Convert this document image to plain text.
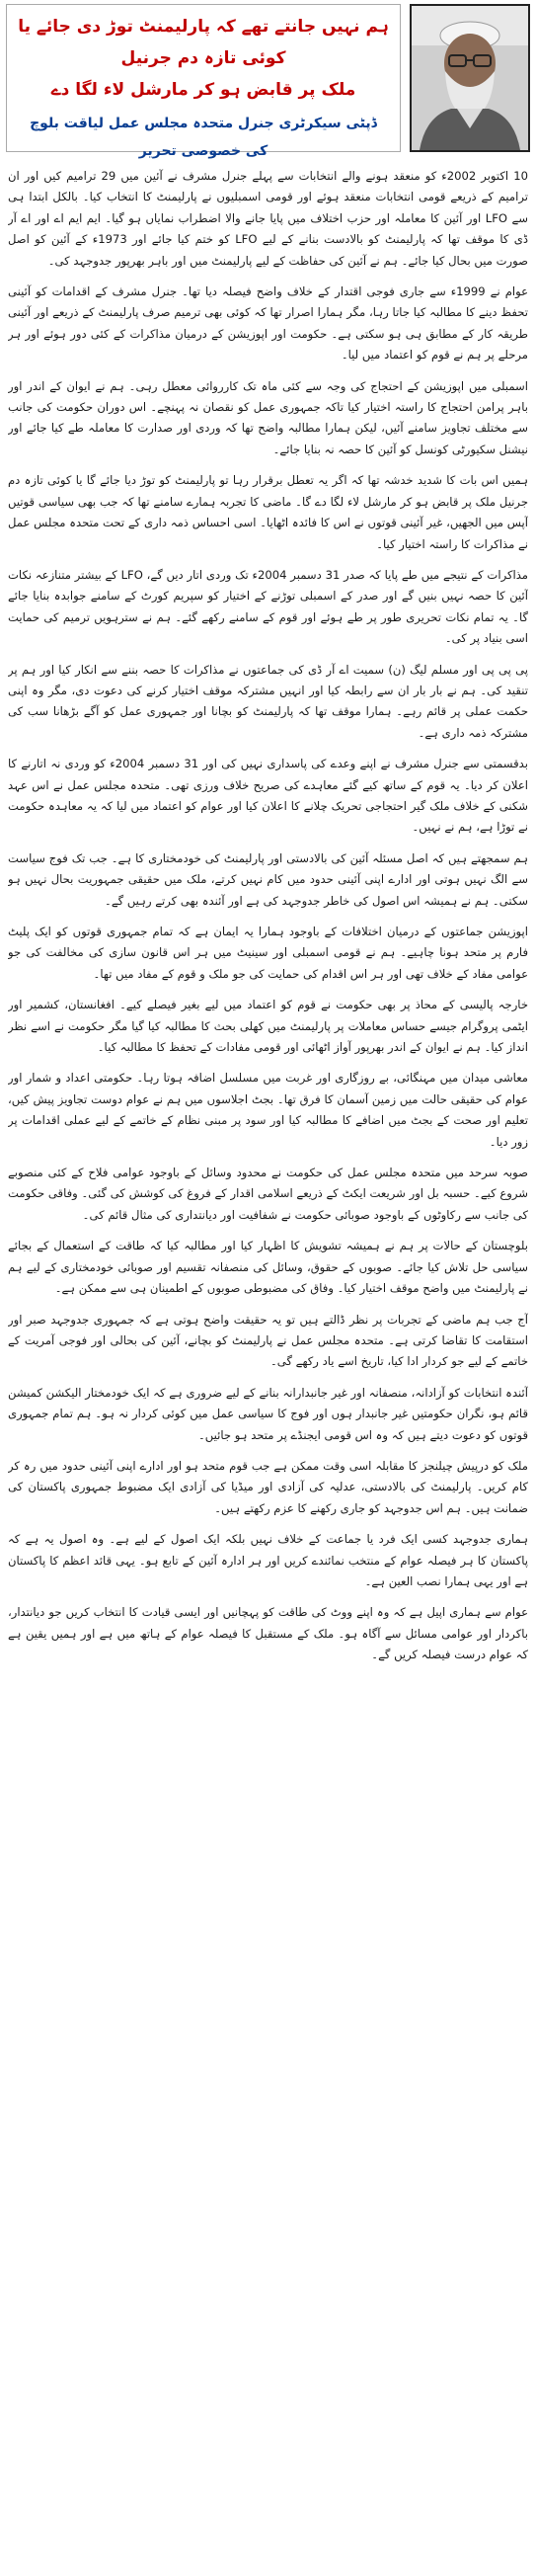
ہم نہیں جانتے تھے کہ پارلیمنٹ توڑ دی جائے یا کوئی تازہ دم جرنیل
ملک پر قابض ہو کر مارشل لاء لگا دے
ڈپٹی سیکرٹری جنرل متحدہ مجلس عمل لیاقت بلوچ کی خصوصی تحریر

10 اکتوبر 2002ء کو منعقد ہونے والے انتخابات سے پہلے جنرل مشرف نے آئین میں 29 ترامیم کیں اور ان ترامیم کے ذریعے قومی انتخابات منعقد ہوئے اور قومی اسمبلیوں نے پارلیمنٹ کا انتخاب کیا۔ بالکل ابتدا ہی سے LFO اور آئین کا معاملہ اور حزب اختلاف میں پایا جانے والا اضطراب نمایاں ہو گیا۔ ایم ایم اے اور اے آر ڈی کا موقف تھا کہ پارلیمنٹ کو بالادست بنانے کے لیے LFO کو ختم کیا جائے اور 1973ء کے آئین کو اصل صورت میں بحال کیا جائے۔ ہم نے آئین کی حفاظت کے لیے پارلیمنٹ میں اور باہر بھرپور جدوجہد کی۔

عوام نے 1999ء سے جاری فوجی اقتدار کے خلاف واضح فیصلہ دیا تھا۔ جنرل مشرف کے اقدامات کو آئینی تحفظ دینے کا مطالبہ کیا جاتا رہا، مگر ہمارا اصرار تھا کہ کوئی بھی ترمیم صرف پارلیمنٹ کے ذریعے اور آئینی طریقہ کار کے مطابق ہی ہو سکتی ہے۔ حکومت اور اپوزیشن کے درمیان مذاکرات کے کئی دور ہوئے اور ہر مرحلے پر ہم نے قوم کو اعتماد میں لیا۔

اسمبلی میں اپوزیشن کے احتجاج کی وجہ سے کئی ماہ تک کارروائی معطل رہی۔ ہم نے ایوان کے اندر اور باہر پرامن احتجاج کا راستہ اختیار کیا تاکہ جمہوری عمل کو نقصان نہ پہنچے۔ اس دوران حکومت کی جانب سے مختلف تجاویز سامنے آئیں، لیکن ہمارا مطالبہ واضح تھا کہ وردی اور صدارت کا معاملہ طے کیا جائے اور نیشنل سکیورٹی کونسل کو آئین کا حصہ نہ بنایا جائے۔

ہمیں اس بات کا شدید خدشہ تھا کہ اگر یہ تعطل برقرار رہا تو پارلیمنٹ کو توڑ دیا جائے گا یا کوئی تازہ دم جرنیل ملک پر قابض ہو کر مارشل لاء لگا دے گا۔ ماضی کا تجربہ ہمارے سامنے تھا کہ جب بھی سیاسی قوتیں آپس میں الجھیں، غیر آئینی قوتوں نے اس کا فائدہ اٹھایا۔ اسی احساس ذمہ داری کے تحت متحدہ مجلس عمل نے مذاکرات کا راستہ اختیار کیا۔

مذاکرات کے نتیجے میں طے پایا کہ صدر 31 دسمبر 2004ء تک وردی اتار دیں گے، LFO کے بیشتر متنازعہ نکات آئین کا حصہ نہیں بنیں گے اور صدر کے اسمبلی توڑنے کے اختیار کو سپریم کورٹ کے سامنے جوابدہ بنایا جائے گا۔ یہ تمام نکات تحریری طور پر طے ہوئے اور قوم کے سامنے رکھے گئے۔ ہم نے سترہویں ترمیم کی حمایت اسی بنیاد پر کی۔

پی پی پی اور مسلم لیگ (ن) سمیت اے آر ڈی کی جماعتوں نے مذاکرات کا حصہ بننے سے انکار کیا اور ہم پر تنقید کی۔ ہم نے بار بار ان سے رابطہ کیا اور انہیں مشترکہ موقف اختیار کرنے کی دعوت دی، مگر وہ اپنی حکمت عملی پر قائم رہے۔ ہمارا موقف تھا کہ پارلیمنٹ کو بچانا اور جمہوری عمل کو آگے بڑھانا سب کی مشترکہ ذمہ داری ہے۔

بدقسمتی سے جنرل مشرف نے اپنے وعدے کی پاسداری نہیں کی اور 31 دسمبر 2004ء کو وردی نہ اتارنے کا اعلان کر دیا۔ یہ قوم کے ساتھ کیے گئے معاہدے کی صریح خلاف ورزی تھی۔ متحدہ مجلس عمل نے اس عہد شکنی کے خلاف ملک گیر احتجاجی تحریک چلانے کا اعلان کیا اور عوام کو اعتماد میں لیا کہ یہ معاہدہ حکومت نے توڑا ہے، ہم نے نہیں۔

ہم سمجھتے ہیں کہ اصل مسئلہ آئین کی بالادستی اور پارلیمنٹ کی خودمختاری کا ہے۔ جب تک فوج سیاست سے الگ نہیں ہوتی اور ادارے اپنی آئینی حدود میں کام نہیں کرتے، ملک میں حقیقی جمہوریت بحال نہیں ہو سکتی۔ ہم نے ہمیشہ اس اصول کی خاطر جدوجہد کی ہے اور آئندہ بھی کرتے رہیں گے۔

اپوزیشن جماعتوں کے درمیان اختلافات کے باوجود ہمارا یہ ایمان ہے کہ تمام جمہوری قوتوں کو ایک پلیٹ فارم پر متحد ہونا چاہیے۔ ہم نے قومی اسمبلی اور سینیٹ میں ہر اس قانون سازی کی مخالفت کی جو عوامی مفاد کے خلاف تھی اور ہر اس اقدام کی حمایت کی جو ملک و قوم کے مفاد میں تھا۔

خارجہ پالیسی کے محاذ پر بھی حکومت نے قوم کو اعتماد میں لیے بغیر فیصلے کیے۔ افغانستان، کشمیر اور ایٹمی پروگرام جیسے حساس معاملات پر پارلیمنٹ میں کھلی بحث کا مطالبہ کیا گیا مگر حکومت نے اسے نظر انداز کیا۔ ہم نے ایوان کے اندر بھرپور آواز اٹھائی اور قومی مفادات کے تحفظ کا مطالبہ کیا۔

معاشی میدان میں مہنگائی، بے روزگاری اور غربت میں مسلسل اضافہ ہوتا رہا۔ حکومتی اعداد و شمار اور عوام کی حقیقی حالت میں زمین آسمان کا فرق تھا۔ بجٹ اجلاسوں میں ہم نے عوام دوست تجاویز پیش کیں، تعلیم اور صحت کے بجٹ میں اضافے کا مطالبہ کیا اور سود پر مبنی نظام کے خاتمے کے لیے عملی اقدامات پر زور دیا۔

صوبہ سرحد میں متحدہ مجلس عمل کی حکومت نے محدود وسائل کے باوجود عوامی فلاح کے کئی منصوبے شروع کیے۔ حسبہ بل اور شریعت ایکٹ کے ذریعے اسلامی اقدار کے فروغ کی کوشش کی گئی۔ وفاقی حکومت کی جانب سے رکاوٹوں کے باوجود صوبائی حکومت نے شفافیت اور دیانتداری کی مثال قائم کی۔

بلوچستان کے حالات پر ہم نے ہمیشہ تشویش کا اظہار کیا اور مطالبہ کیا کہ طاقت کے استعمال کے بجائے سیاسی حل تلاش کیا جائے۔ صوبوں کے حقوق، وسائل کی منصفانہ تقسیم اور صوبائی خودمختاری کے لیے ہم نے پارلیمنٹ میں واضح موقف اختیار کیا۔ وفاق کی مضبوطی صوبوں کے اطمینان ہی سے ممکن ہے۔

آج جب ہم ماضی کے تجربات پر نظر ڈالتے ہیں تو یہ حقیقت واضح ہوتی ہے کہ جمہوری جدوجہد صبر اور استقامت کا تقاضا کرتی ہے۔ متحدہ مجلس عمل نے پارلیمنٹ کو بچانے، آئین کی بحالی اور فوجی آمریت کے خاتمے کے لیے جو کردار ادا کیا، تاریخ اسے یاد رکھے گی۔

آئندہ انتخابات کو آزادانہ، منصفانہ اور غیر جانبدارانہ بنانے کے لیے ضروری ہے کہ ایک خودمختار الیکشن کمیشن قائم ہو، نگران حکومتیں غیر جانبدار ہوں اور فوج کا سیاسی عمل میں کوئی کردار نہ ہو۔ ہم تمام جمہوری قوتوں کو دعوت دیتے ہیں کہ وہ اس قومی ایجنڈے پر متحد ہو جائیں۔

ملک کو درپیش چیلنجز کا مقابلہ اسی وقت ممکن ہے جب قوم متحد ہو اور ادارے اپنی آئینی حدود میں رہ کر کام کریں۔ پارلیمنٹ کی بالادستی، عدلیہ کی آزادی اور میڈیا کی آزادی ایک مضبوط جمہوری پاکستان کی ضمانت ہیں۔ ہم اس جدوجہد کو جاری رکھنے کا عزم رکھتے ہیں۔

ہماری جدوجہد کسی ایک فرد یا جماعت کے خلاف نہیں بلکہ ایک اصول کے لیے ہے۔ وہ اصول یہ ہے کہ پاکستان کا ہر فیصلہ عوام کے منتخب نمائندے کریں اور ہر ادارہ آئین کے تابع ہو۔ یہی قائد اعظم کا پاکستان ہے اور یہی ہمارا نصب العین ہے۔

عوام سے ہماری اپیل ہے کہ وہ اپنے ووٹ کی طاقت کو پہچانیں اور ایسی قیادت کا انتخاب کریں جو دیانتدار، باکردار اور عوامی مسائل سے آگاہ ہو۔ ملک کے مستقبل کا فیصلہ عوام کے ہاتھ میں ہے اور ہمیں یقین ہے کہ عوام درست فیصلہ کریں گے۔
